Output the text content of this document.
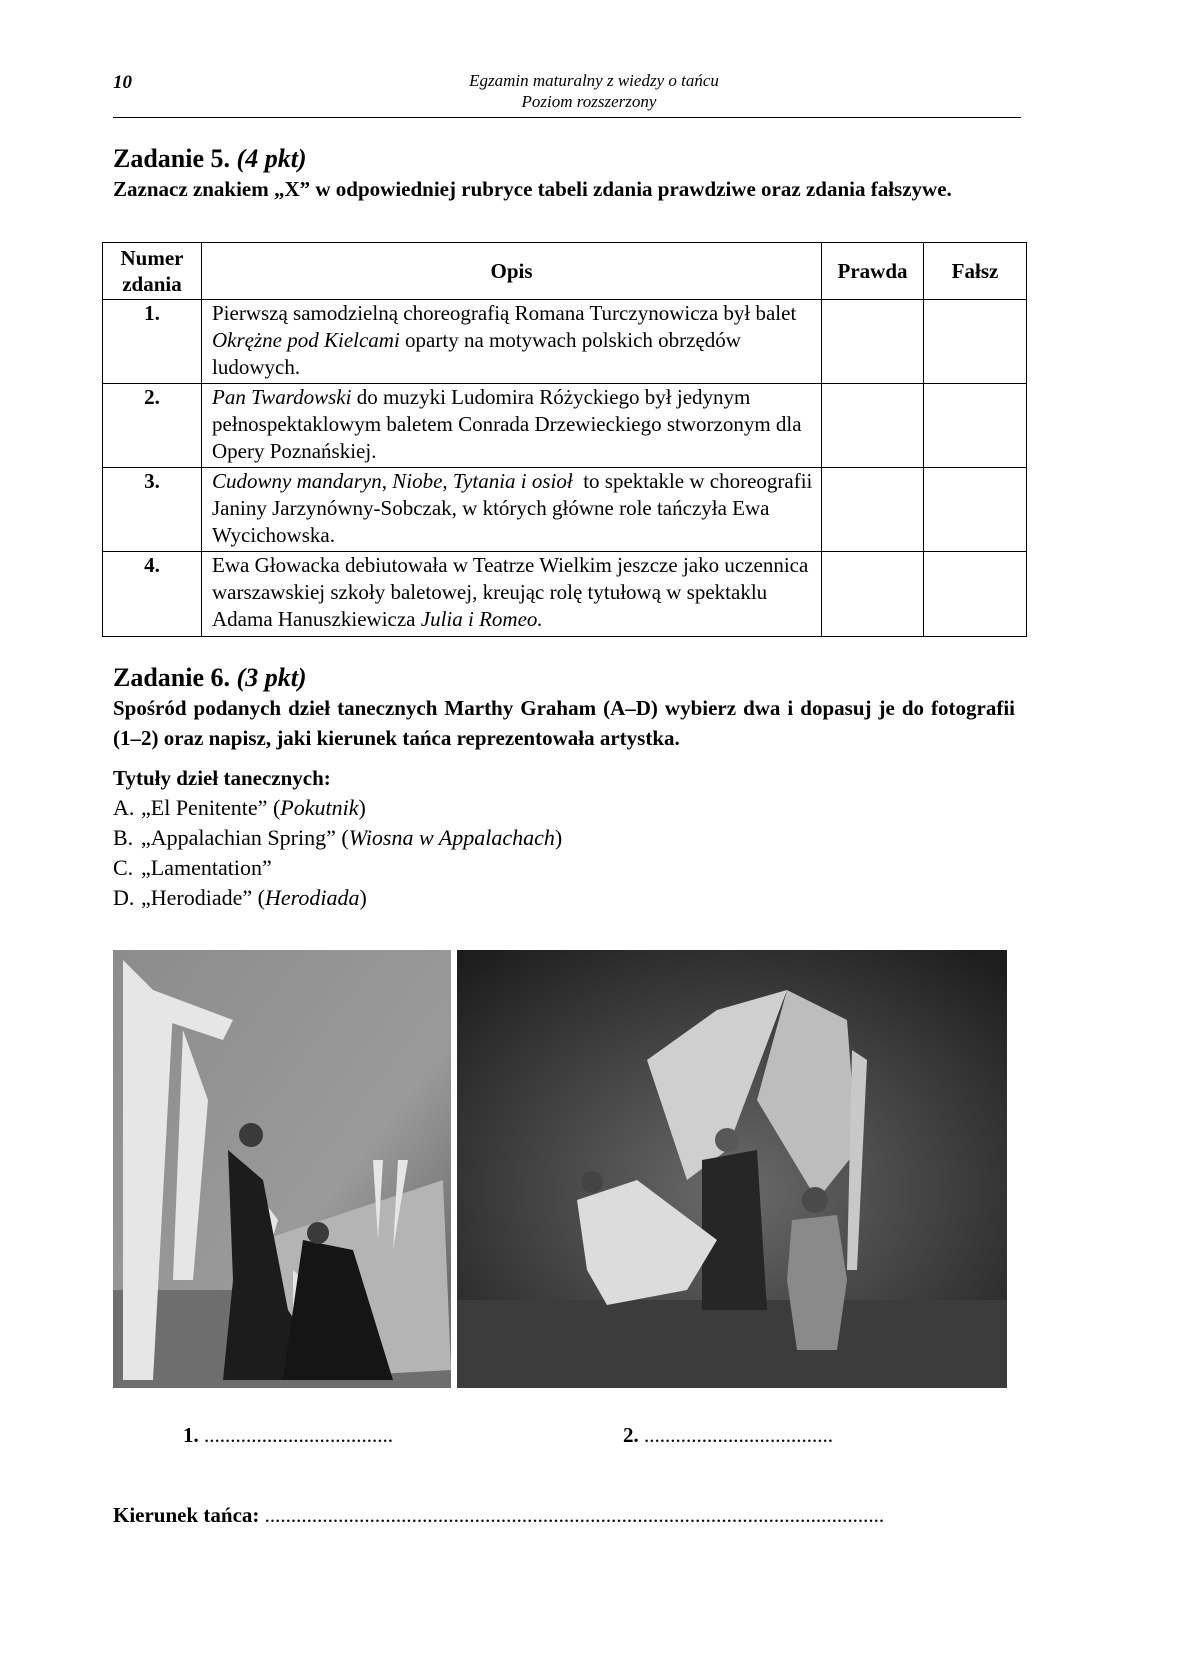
10	Egzamin maturalny z wiedzy o tańcu
Poziom rozszerzony
Zadanie 5. (4 pkt)
Zaznacz znakiem „X” w odpowiedniej rubryce tabeli zdania prawdziwe oraz zdania fałszywe.
Numer
zdania	Opis	Prawda	Fałsz
1.	Pierwszą samodzielną choreografią Romana Turczynowicza był balet Okrężne pod Kielcami oparty na motywach polskich obrzędów ludowych.		
2.	Pan Twardowski do muzyki Ludomira Różyckiego był jedynym pełnospektaklowym baletem Conrada Drzewieckiego stworzonym dla Opery Poznańskiej.		
3.	Cudowny mandaryn, Niobe, Tytania i osioł  to spektakle w choreografii Janiny Jarzynówny-Sobczak, w których główne role tańczyła Ewa Wycichowska.		
4.	Ewa Głowacka debiutowała w Teatrze Wielkim jeszcze jako uczennica warszawskiej szkoły baletowej, kreując rolę tytułową w spektaklu Adama Hanuszkiewicza Julia i Romeo.		
Zadanie 6. (3 pkt)
Spośród podanych dzieł tanecznych Marthy Graham (A–D) wybierz dwa i dopasuj je do fotografii (1–2) oraz napisz, jaki kierunek tańca reprezentowała artystka.
Tytuły dzieł tanecznych:
A. „El Penitente” (Pokutnik)
B. „Appalachian Spring” (Wiosna w Appalachach)
C. „Lamentation”
D. „Herodiade” (Herodiada)
1. ....................................	2. ....................................
Kierunek tańca: ......................................................................................................................
